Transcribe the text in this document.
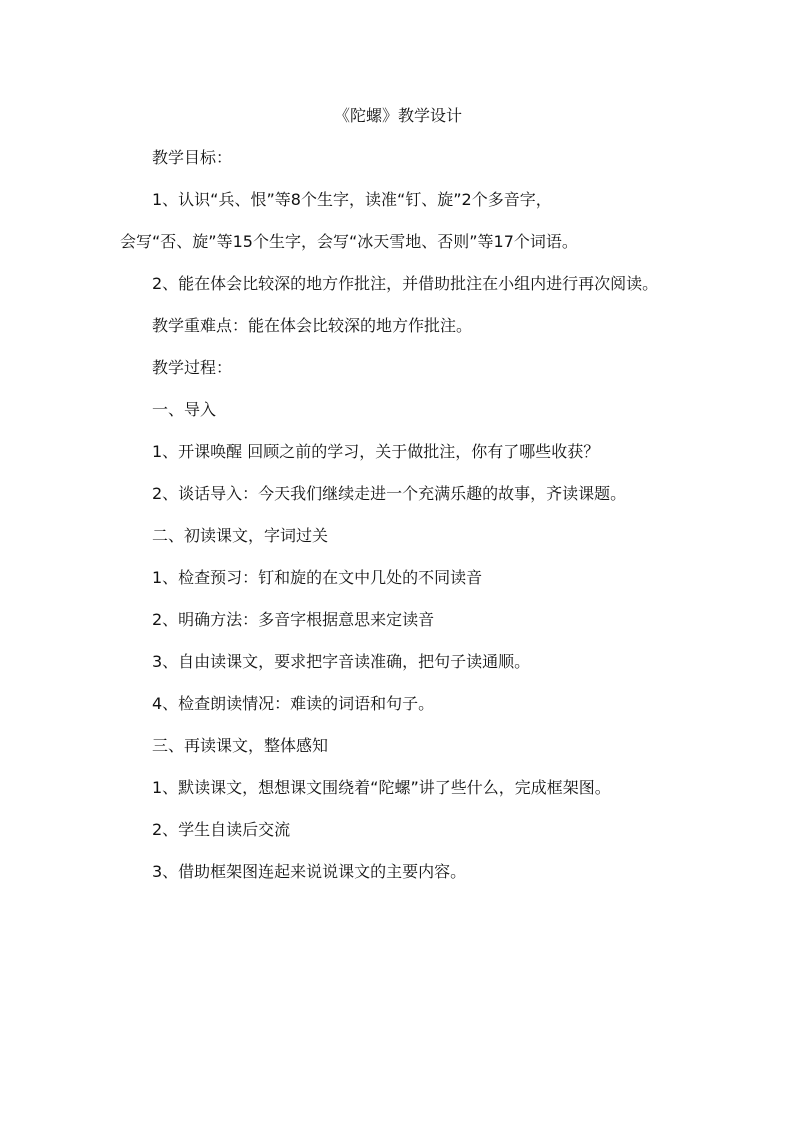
《陀螺》教学设计

教学目标：

1、认识“兵、恨”等8个生字，读准“钉、旋”2个多音字，

会写“否、旋”等15个生字，会写“冰天雪地、否则”等17个词语。

2、能在体会比较深的地方作批注，并借助批注在小组内进行再次阅读。

教学重难点：能在体会比较深的地方作批注。

教学过程：

一、导入

1、开课唤醒 回顾之前的学习，关于做批注，你有了哪些收获？

2、谈话导入：今天我们继续走进一个充满乐趣的故事，齐读课题。

二、初读课文，字词过关

1、检查预习：钉和旋的在文中几处的不同读音

2、明确方法：多音字根据意思来定读音

3、自由读课文，要求把字音读准确，把句子读通顺。

4、检查朗读情况：难读的词语和句子。

三、再读课文，整体感知

1、默读课文，想想课文围绕着“陀螺”讲了些什么，完成框架图。

2、学生自读后交流

3、借助框架图连起来说说课文的主要内容。
